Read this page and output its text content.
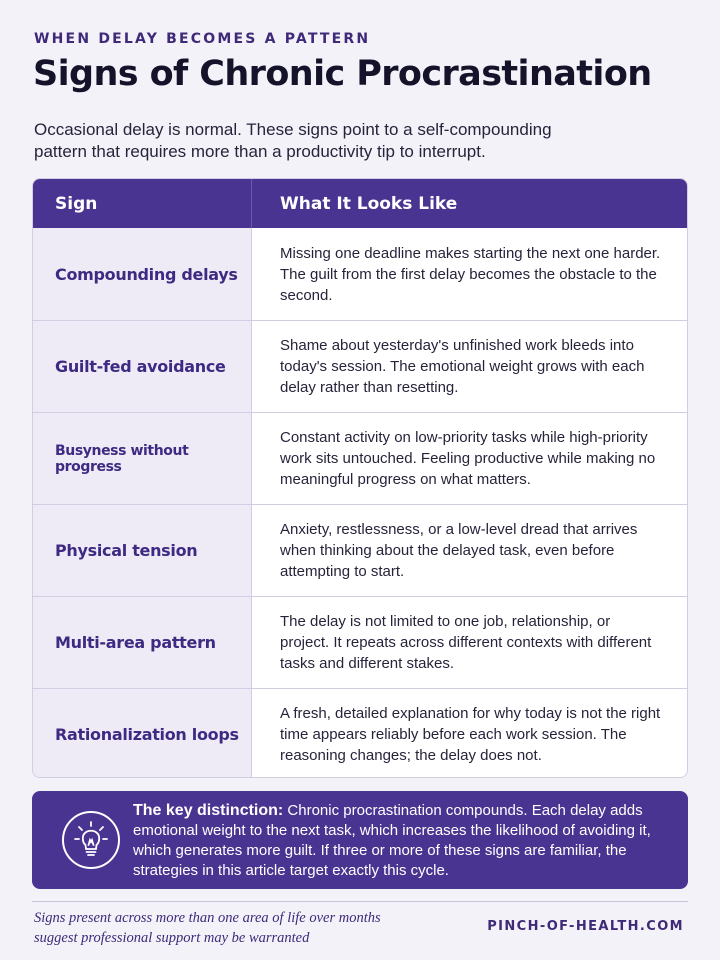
WHEN DELAY BECOMES A PATTERN
Signs of Chronic Procrastination

Occasional delay is normal. These signs point to a self-compounding pattern that requires more than a productivity tip to interrupt.

Sign	What It Looks Like
Compounding delays
Missing one deadline makes starting the next one harder. The guilt from the first delay becomes the obstacle to the second.
Guilt-fed avoidance
Shame about yesterday's unfinished work bleeds into today's session. The emotional weight grows with each delay rather than resetting.
Busyness without progress
Constant activity on low-priority tasks while high-priority work sits untouched. Feeling productive while making no meaningful progress on what matters.
Physical tension
Anxiety, restlessness, or a low-level dread that arrives when thinking about the delayed task, even before attempting to start.
Multi-area pattern
The delay is not limited to one job, relationship, or project. It repeats across different contexts with different tasks and different stakes.
Rationalization loops
A fresh, detailed explanation for why today is not the right time appears reliably before each work session. The reasoning changes; the delay does not.

The key distinction: Chronic procrastination compounds. Each delay adds emotional weight to the next task, which increases the likelihood of avoiding it, which generates more guilt. If three or more of these signs are familiar, the strategies in this article target exactly this cycle.

Signs present across more than one area of life over months suggest professional support may be warranted

PINCH-OF-HEALTH.COM
